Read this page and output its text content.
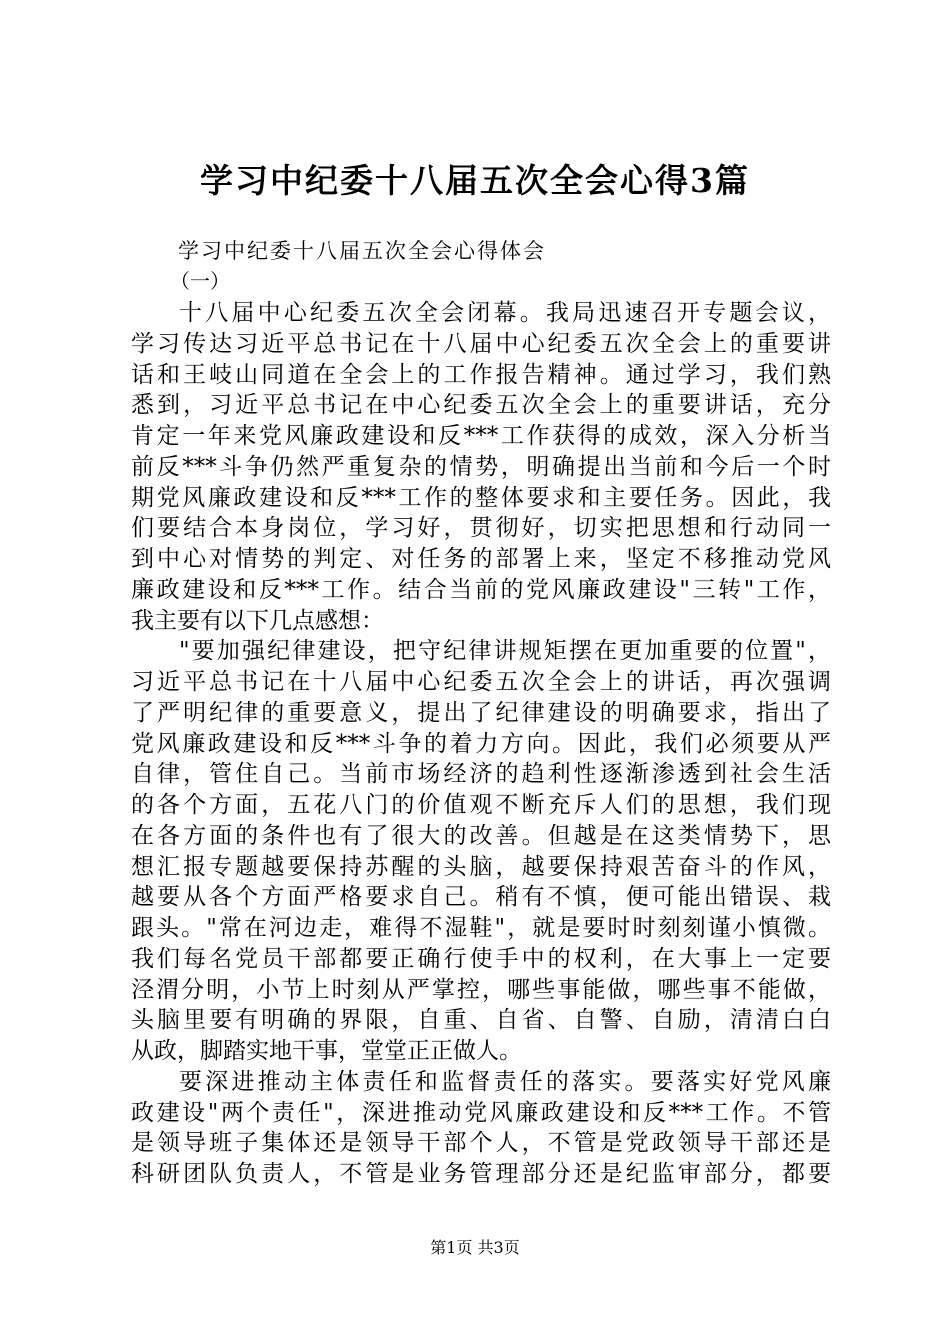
学习中纪委十八届五次全会心得3篇
学习中纪委十八届五次全会心得体会
（一）
十八届中心纪委五次全会闭幕。我局迅速召开专题会议，
学习传达习近平总书记在十八届中心纪委五次全会上的重要讲
话和王岐山同道在全会上的工作报告精神。通过学习，我们熟
悉到，习近平总书记在中心纪委五次全会上的重要讲话，充分
肯定一年来党风廉政建设和反***工作获得的成效，深入分析当
前反***斗争仍然严重复杂的情势，明确提出当前和今后一个时
期党风廉政建设和反***工作的整体要求和主要任务。因此，我
们要结合本身岗位，学习好，贯彻好，切实把思想和行动同一
到中心对情势的判定、对任务的部署上来，坚定不移推动党风
廉政建设和反***工作。结合当前的党风廉政建设"三转"工作，
我主要有以下几点感想：
"要加强纪律建设，把守纪律讲规矩摆在更加重要的位置"，
习近平总书记在十八届中心纪委五次全会上的讲话，再次强调
了严明纪律的重要意义，提出了纪律建设的明确要求，指出了
党风廉政建设和反***斗争的着力方向。因此，我们必须要从严
自律，管住自己。当前市场经济的趋利性逐渐渗透到社会生活
的各个方面，五花八门的价值观不断充斥人们的思想，我们现
在各方面的条件也有了很大的改善。但越是在这类情势下，思
想汇报专题越要保持苏醒的头脑，越要保持艰苦奋斗的作风，
越要从各个方面严格要求自己。稍有不慎，便可能出错误、栽
跟头。"常在河边走，难得不湿鞋"，就是要时时刻刻谨小慎微。
我们每名党员干部都要正确行使手中的权利，在大事上一定要
泾渭分明，小节上时刻从严掌控，哪些事能做，哪些事不能做，
头脑里要有明确的界限，自重、自省、自警、自励，清清白白
从政，脚踏实地干事，堂堂正正做人。
要深进推动主体责任和监督责任的落实。要落实好党风廉
政建设"两个责任"，深进推动党风廉政建设和反***工作。不管
是领导班子集体还是领导干部个人，不管是党政领导干部还是
科研团队负责人，不管是业务管理部分还是纪监审部分，都要
第1页 共3页
